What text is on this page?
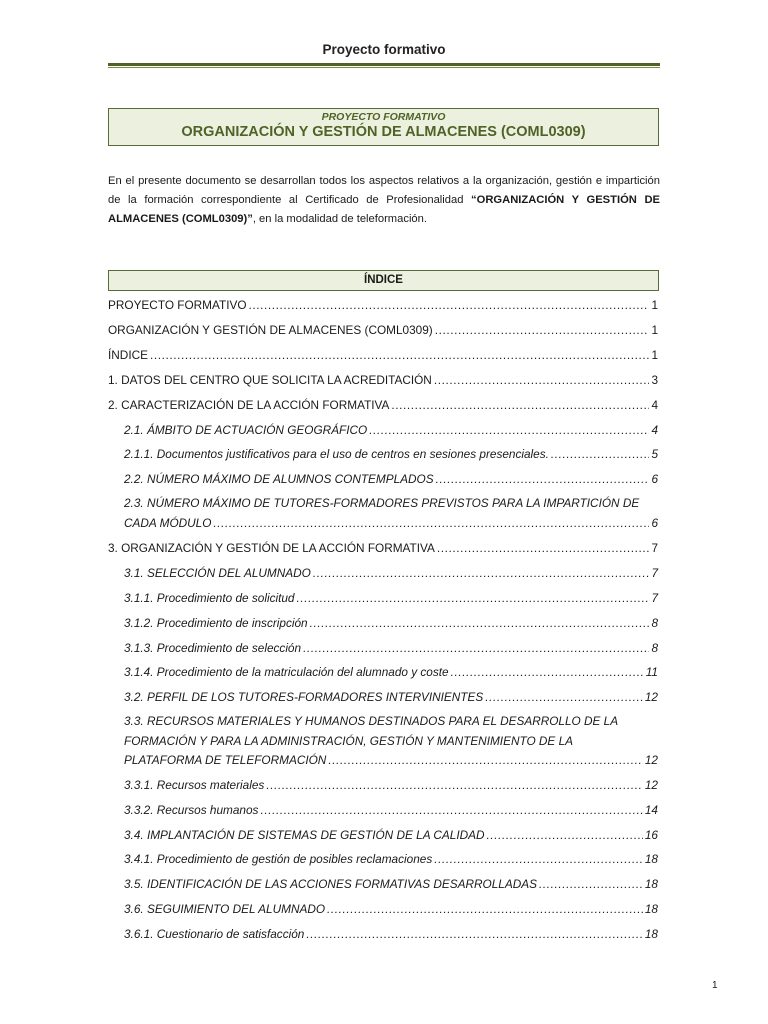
Proyecto formativo
PROYECTO FORMATIVO
ORGANIZACIÓN Y GESTIÓN DE ALMACENES (COML0309)
En el presente documento se desarrollan todos los aspectos relativos a la organización, gestión e impartición de la formación correspondiente al Certificado de Profesionalidad “ORGANIZACIÓN Y GESTIÓN DE ALMACENES (COML0309)”, en la modalidad de teleformación.
ÍNDICE
PROYECTO FORMATIVO .....	1
ORGANIZACIÓN Y GESTIÓN DE ALMACENES (COML0309) .....	1
ÍNDICE .....	1
1. DATOS DEL CENTRO QUE SOLICITA LA ACREDITACIÓN .....	3
2. CARACTERIZACIÓN DE LA ACCIÓN FORMATIVA .....	4
2.1. ÁMBITO DE ACTUACIÓN GEOGRÁFICO .....	4
2.1.1. Documentos justificativos para el uso de centros en sesiones presenciales. .....	5
2.2. NÚMERO MÁXIMO DE ALUMNOS CONTEMPLADOS .....	6
2.3. NÚMERO MÁXIMO DE TUTORES-FORMADORES PREVISTOS PARA LA IMPARTICIÓN DE
CADA MÓDULO .....	6
3. ORGANIZACIÓN Y GESTIÓN DE LA ACCIÓN FORMATIVA .....	7
3.1. SELECCIÓN DEL ALUMNADO .....	7
3.1.1. Procedimiento de solicitud .....	7
3.1.2. Procedimiento de inscripción .....	8
3.1.3. Procedimiento de selección .....	8
3.1.4. Procedimiento de la matriculación del alumnado y coste .....	11
3.2. PERFIL DE LOS TUTORES-FORMADORES INTERVINIENTES .....	12
3.3. RECURSOS MATERIALES Y HUMANOS DESTINADOS PARA EL DESARROLLO DE LA
FORMACIÓN Y PARA LA ADMINISTRACIÓN, GESTIÓN Y MANTENIMIENTO DE LA
PLATAFORMA DE TELEFORMACIÓN .....	12
3.3.1. Recursos materiales .....	12
3.3.2. Recursos humanos .....	14
3.4. IMPLANTACIÓN DE SISTEMAS DE GESTIÓN DE LA CALIDAD .....	16
3.4.1. Procedimiento de gestión de posibles reclamaciones .....	18
3.5. IDENTIFICACIÓN DE LAS ACCIONES FORMATIVAS DESARROLLADAS .....	18
3.6. SEGUIMIENTO DEL ALUMNADO .....	18
3.6.1. Cuestionario de satisfacción .....	18
1
